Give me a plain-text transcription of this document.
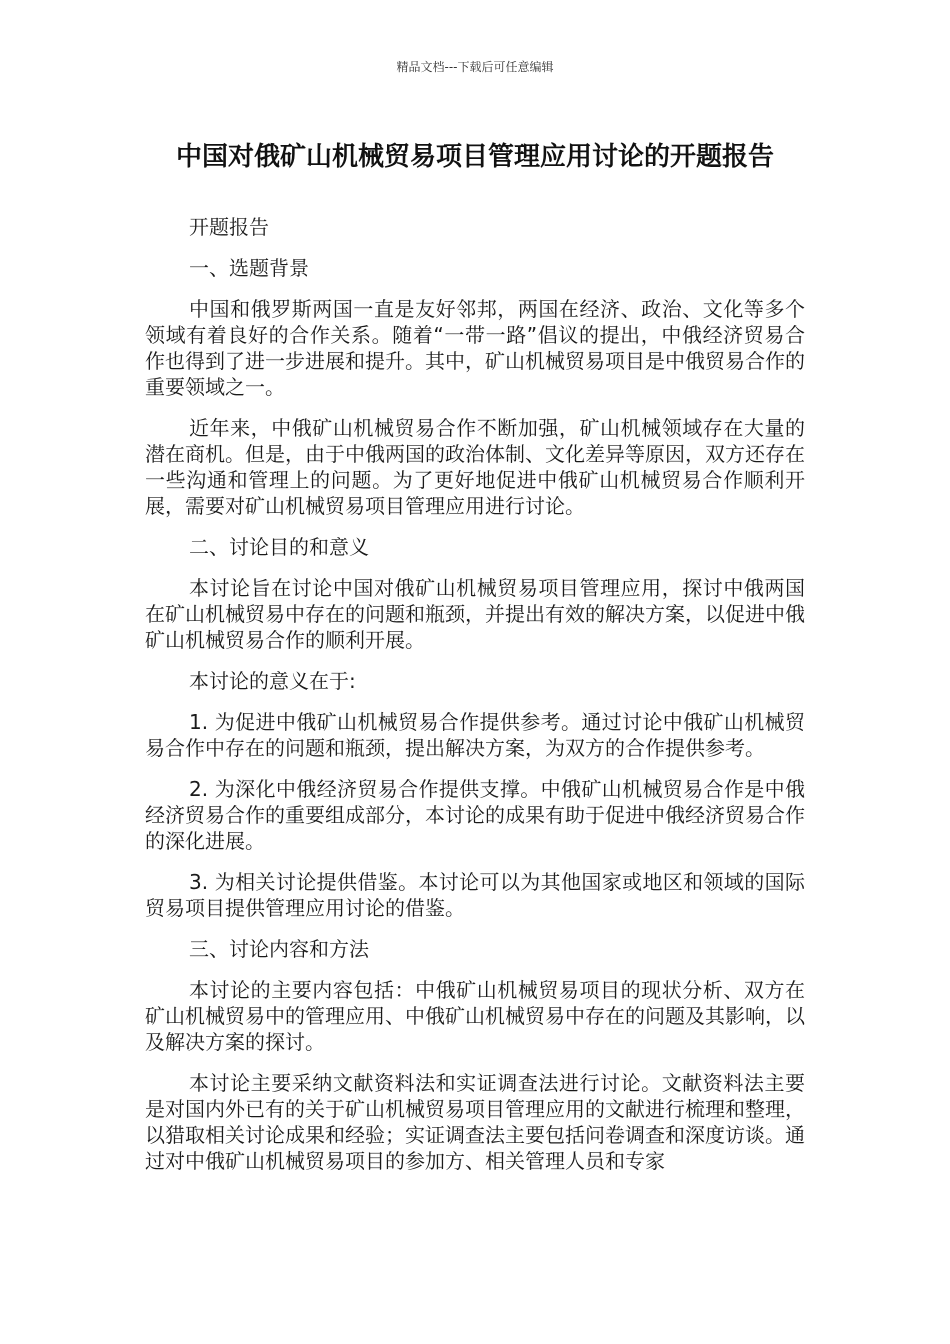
精品文档---下载后可任意编辑
中国对俄矿山机械贸易项目管理应用讨论的开题报告

开题报告

一、选题背景

中国和俄罗斯两国一直是友好邻邦，两国在经济、政治、文化等多个领域有着良好的合作关系。随着“一带一路”倡议的提出，中俄经济贸易合作也得到了进一步进展和提升。其中，矿山机械贸易项目是中俄贸易合作的重要领域之一。

近年来，中俄矿山机械贸易合作不断加强，矿山机械领域存在大量的潜在商机。但是，由于中俄两国的政治体制、文化差异等原因，双方还存在一些沟通和管理上的问题。为了更好地促进中俄矿山机械贸易合作顺利开展，需要对矿山机械贸易项目管理应用进行讨论。

二、讨论目的和意义

本讨论旨在讨论中国对俄矿山机械贸易项目管理应用，探讨中俄两国在矿山机械贸易中存在的问题和瓶颈，并提出有效的解决方案，以促进中俄矿山机械贸易合作的顺利开展。

本讨论的意义在于:

1. 为促进中俄矿山机械贸易合作提供参考。通过讨论中俄矿山机械贸易合作中存在的问题和瓶颈，提出解决方案，为双方的合作提供参考。

2. 为深化中俄经济贸易合作提供支撑。中俄矿山机械贸易合作是中俄经济贸易合作的重要组成部分，本讨论的成果有助于促进中俄经济贸易合作的深化进展。

3. 为相关讨论提供借鉴。本讨论可以为其他国家或地区和领域的国际贸易项目提供管理应用讨论的借鉴。

三、讨论内容和方法

本讨论的主要内容包括：中俄矿山机械贸易项目的现状分析、双方在矿山机械贸易中的管理应用、中俄矿山机械贸易中存在的问题及其影响，以及解决方案的探讨。

本讨论主要采纳文献资料法和实证调查法进行讨论。文献资料法主要是对国内外已有的关于矿山机械贸易项目管理应用的文献进行梳理和整理，以猎取相关讨论成果和经验；实证调查法主要包括问卷调查和深度访谈。通过对中俄矿山机械贸易项目的参加方、相关管理人员和专家
